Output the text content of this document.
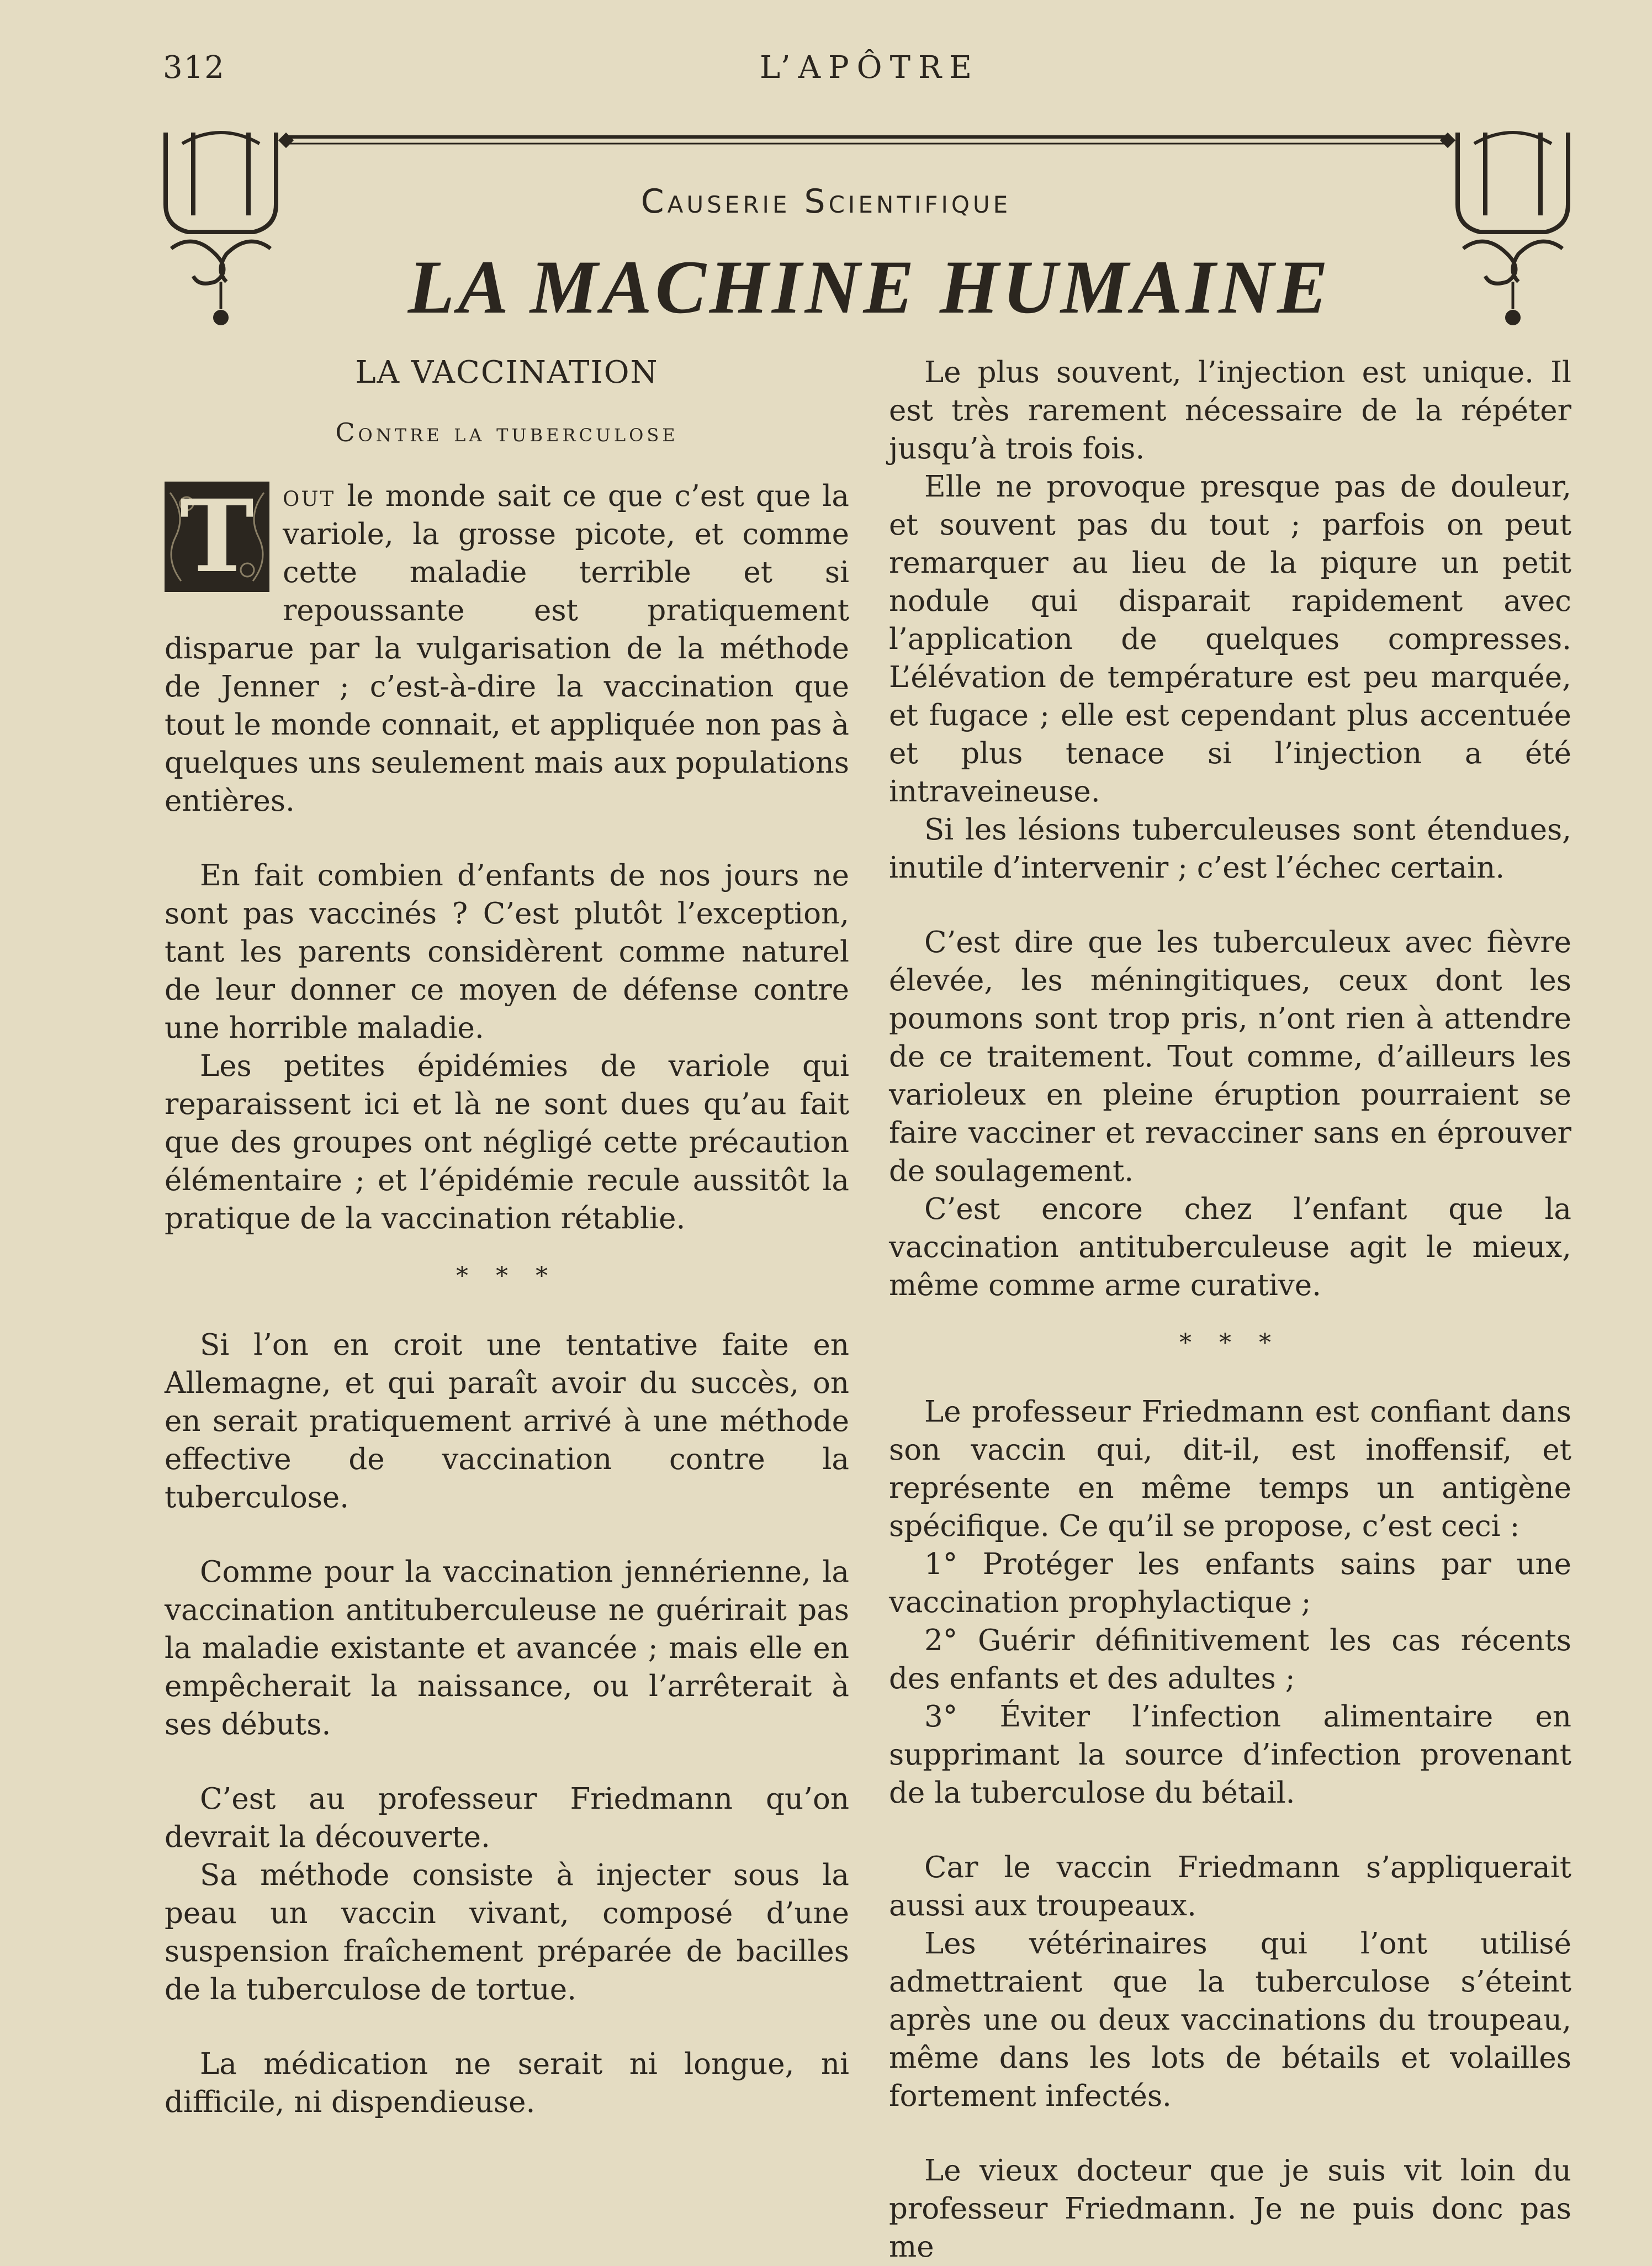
312	L’APÔTRE
Causerie Scientifique
LA MACHINE HUMAINE
LA VACCINATION
Contre la tuberculose

T out le monde sait ce que c’est que la variole, la grosse picote, et comme cette maladie terrible et si repoussante est pratiquement disparue par la vulgarisation de la méthode de Jenner ; c’est-à-dire la vaccination que tout le monde connait, et appliquée non pas à quelques uns seulement mais aux populations entières.

En fait combien d’enfants de nos jours ne sont pas vaccinés ? C’est plutôt l’exception, tant les parents considèrent comme naturel de leur donner ce moyen de défense contre une horrible maladie.

Les petites épidémies de variole qui reparaissent ici et là ne sont dues qu’au fait que des groupes ont négligé cette précaution élémentaire ; et l’épidémie recule aussitôt la pratique de la vaccination rétablie.

* * *

Si l’on en croit une tentative faite en Allemagne, et qui paraît avoir du succès, on en serait pratiquement arrivé à une méthode effective de vaccination contre la tuberculose.

Comme pour la vaccination jennérienne, la vaccination antituberculeuse ne guérirait pas la maladie existante et avancée ; mais elle en empêcherait la naissance, ou l’arrêterait à ses débuts.

C’est au professeur Friedmann qu’on devrait la découverte.

Sa méthode consiste à injecter sous la peau un vaccin vivant, composé d’une suspension fraîchement préparée de bacilles de la tuberculose de tortue.

La médication ne serait ni longue, ni difficile, ni dispendieuse.

Le plus souvent, l’injection est unique. Il est très rarement nécessaire de la répéter jusqu’à trois fois.

Elle ne provoque presque pas de douleur, et souvent pas du tout ; parfois on peut remarquer au lieu de la piqure un petit nodule qui disparait rapidement avec l’application de quelques compresses. L’élévation de température est peu marquée, et fugace ; elle est cependant plus accentuée et plus tenace si l’injection a été intraveineuse.

Si les lésions tuberculeuses sont étendues, inutile d’intervenir ; c’est l’échec certain.

C’est dire que les tuberculeux avec fièvre élevée, les méningitiques, ceux dont les poumons sont trop pris, n’ont rien à attendre de ce traitement. Tout comme, d’ailleurs les varioleux en pleine éruption pourraient se faire vacciner et revacciner sans en éprouver de soulagement.

C’est encore chez l’enfant que la vaccination antituberculeuse agit le mieux, même comme arme curative.

* * *

Le professeur Friedmann est confiant dans son vaccin qui, dit-il, est inoffensif, et représente en même temps un antigène spécifique. Ce qu’il se propose, c’est ceci :

1° Protéger les enfants sains par une vaccination prophylactique ;

2° Guérir définitivement les cas récents des enfants et des adultes ;

3° Éviter l’infection alimentaire en supprimant la source d’infection provenant de la tuberculose du bétail.

Car le vaccin Friedmann s’appliquerait aussi aux troupeaux.

Les vétérinaires qui l’ont utilisé admettraient que la tuberculose s’éteint après une ou deux vaccinations du troupeau, même dans les lots de bétails et volailles fortement infectés.

Le vieux docteur que je suis vit loin du professeur Friedmann. Je ne puis donc pas me
